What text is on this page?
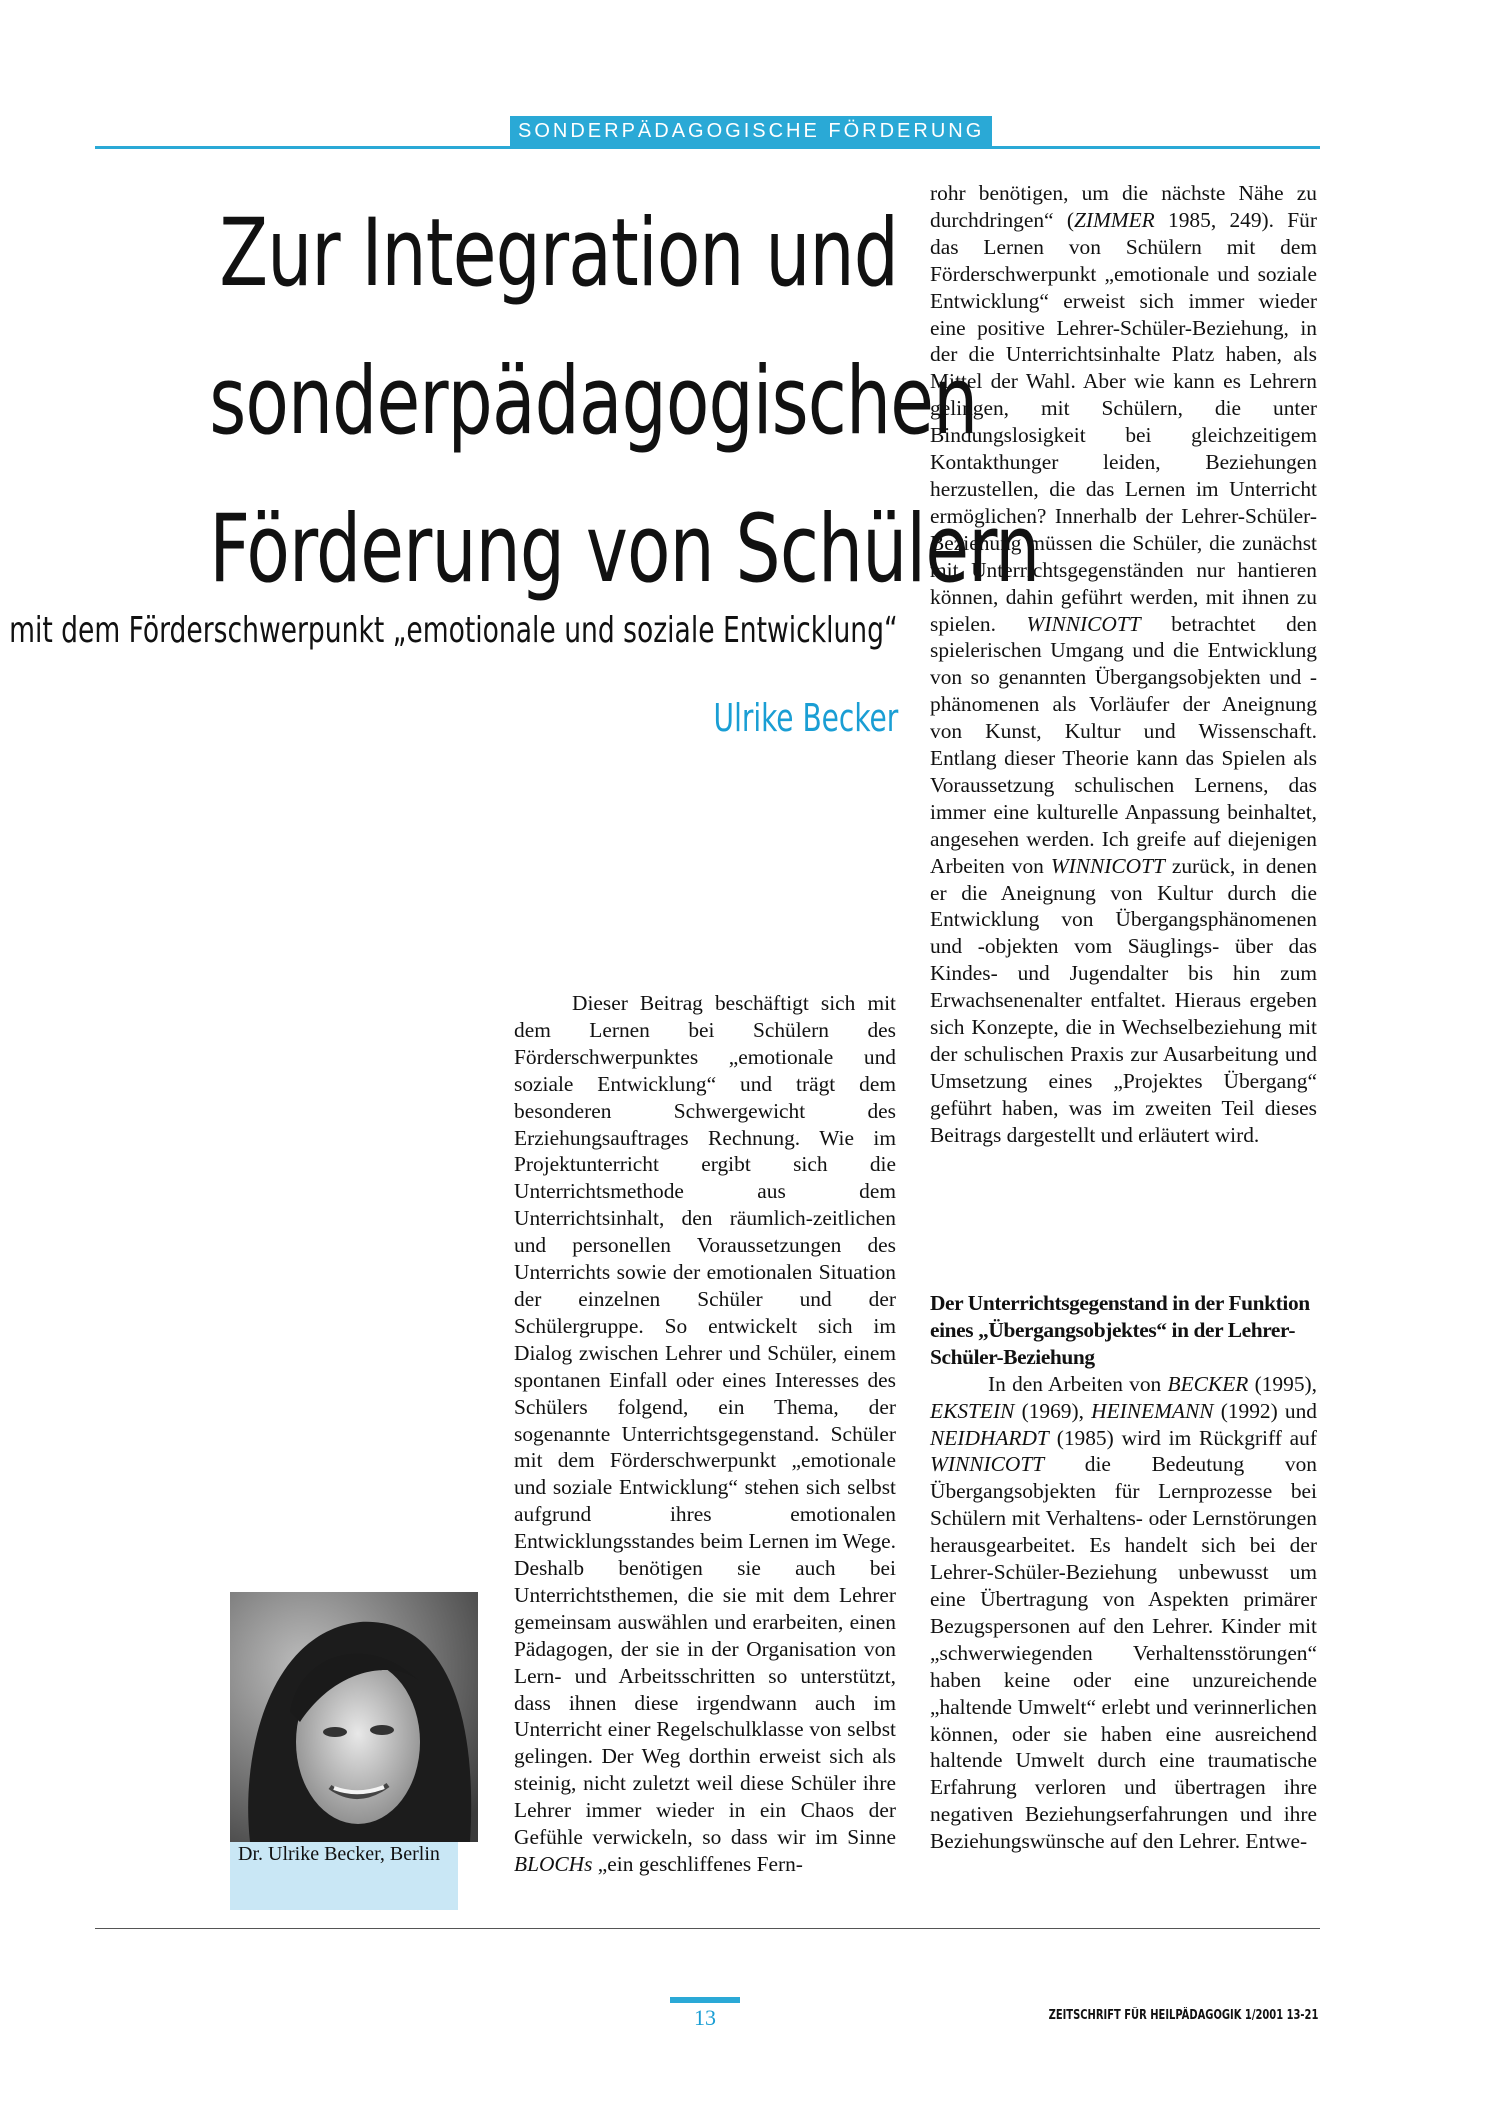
SONDERPÄDAGOGISCHE FÖRDERUNG
Zur Integration und
sonderpädagogischen
Förderung von Schülern
mit dem Förderschwerpunkt „emotionale und soziale Entwicklung“
Ulrike Becker
Dr. Ulrike Becker, Berlin

Dieser Beitrag beschäftigt sich mit dem Lernen bei Schülern des Förderschwerpunktes „emotionale und soziale Entwicklung“ und trägt dem besonderen Schwergewicht des Erziehungsauftrages Rechnung. Wie im Projektunterricht ergibt sich die Unterrichtsmethode aus dem Unterrichtsinhalt, den räumlich-zeitlichen und personellen Voraussetzungen des Unterrichts sowie der emotionalen Situation der einzelnen Schüler und der Schülergruppe. So entwickelt sich im Dialog zwischen Lehrer und Schüler, einem spontanen Einfall oder eines Interesses des Schülers folgend, ein Thema, der sogenannte Unterrichtsgegenstand. Schüler mit dem Förderschwerpunkt „emotionale und soziale Entwicklung“ stehen sich selbst aufgrund ihres emotionalen Entwicklungsstandes beim Lernen im Wege. Deshalb benötigen sie auch bei Unterrichtsthemen, die sie mit dem Lehrer gemeinsam auswählen und erarbeiten, einen Pädagogen, der sie in der Organisation von Lern- und Arbeitsschritten so unterstützt, dass ihnen diese irgendwann auch im Unterricht einer Regelschulklasse von selbst gelingen. Der Weg dorthin erweist sich als steinig, nicht zuletzt weil diese Schüler ihre Lehrer immer wieder in ein Chaos der Gefühle verwickeln, so dass wir im Sinne BLOCHs „ein geschliffenes Fern-

rohr benötigen, um die nächste Nähe zu durchdringen“ (ZIMMER 1985, 249). Für das Lernen von Schülern mit dem Förderschwerpunkt „emotionale und soziale Entwicklung“ erweist sich immer wieder eine positive Lehrer-Schüler-Beziehung, in der die Unterrichtsinhalte Platz haben, als Mittel der Wahl. Aber wie kann es Lehrern gelingen, mit Schülern, die unter Bindungslosigkeit bei gleichzeitigem Kontakthunger leiden, Beziehungen herzustellen, die das Lernen im Unterricht ermöglichen? Innerhalb der Lehrer-Schüler-Beziehung müssen die Schüler, die zunächst mit Unterrichtsgegenständen nur hantieren können, dahin geführt werden, mit ihnen zu spielen. WINNICOTT betrachtet den spielerischen Umgang und die Entwicklung von so genannten Übergangsobjekten und -phänomenen als Vorläufer der Aneignung von Kunst, Kultur und Wissenschaft. Entlang dieser Theorie kann das Spielen als Voraussetzung schulischen Lernens, das immer eine kulturelle Anpassung beinhaltet, angesehen werden. Ich greife auf diejenigen Arbeiten von WINNICOTT zurück, in denen er die Aneignung von Kultur durch die Entwicklung von Übergangsphänomenen und -objekten vom Säuglings- über das Kindes- und Jugendalter bis hin zum Erwachsenenalter entfaltet. Hieraus ergeben sich Konzepte, die in Wechselbeziehung mit der schulischen Praxis zur Ausarbeitung und Umsetzung eines „Projektes Übergang“ geführt haben, was im zweiten Teil dieses Beitrags dargestellt und erläutert wird.

Der Unterrichtsgegenstand in der Funktion eines „Übergangsobjektes“ in der Lehrer-Schüler-Beziehung

In den Arbeiten von BECKER (1995), EKSTEIN (1969), HEINEMANN (1992) und NEIDHARDT (1985) wird im Rückgriff auf WINNICOTT die Bedeutung von Übergangsobjekten für Lernprozesse bei Schülern mit Verhaltens- oder Lernstörungen herausgearbeitet. Es handelt sich bei der Lehrer-Schüler-Beziehung unbewusst um eine Übertragung von Aspekten primärer Bezugspersonen auf den Lehrer. Kinder mit „schwerwiegenden Verhaltensstörungen“ haben keine oder eine unzureichende „haltende Umwelt“ erlebt und verinnerlichen können, oder sie haben eine ausreichend haltende Umwelt durch eine traumatische Erfahrung verloren und übertragen ihre negativen Beziehungserfahrungen und ihre Beziehungswünsche auf den Lehrer. Entwe-

13	ZEITSCHRIFT FÜR HEILPÄDAGOGIK 1/2001 13-21
